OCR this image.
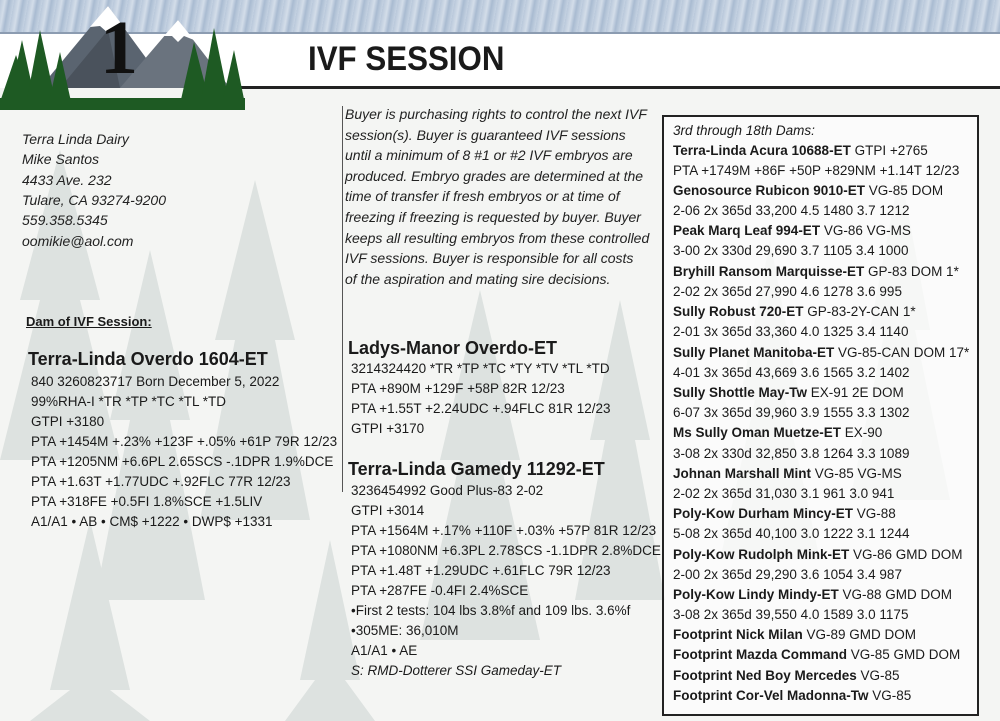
1	IVF SESSION
Terra Linda Dairy
Mike Santos
4433 Ave. 232
Tulare, CA 93274-9200
559.358.5345
oomikie@aol.com
Buyer is purchasing rights to control the next IVF
session(s). Buyer is guaranteed IVF sessions
until a minimum of 8 #1 or #2 IVF embryos are
produced. Embryo grades are determined at the
time of transfer if fresh embryos or at time of
freezing if freezing is requested by buyer. Buyer
keeps all resulting embryos from these controlled
IVF sessions. Buyer is responsible for all costs
of the aspiration and mating sire decisions.
Dam of IVF Session:
Terra-Linda Overdo 1604-ET
840 3260823717 Born December 5, 2022
99%RHA-I *TR *TP *TC *TL *TD
GTPI +3180
PTA +1454M +.23% +123F +.05% +61P 79R 12/23
PTA +1205NM +6.6PL 2.65SCS -.1DPR 1.9%DCE
PTA +1.63T +1.77UDC +.92FLC 77R 12/23
PTA +318FE +0.5FI 1.8%SCE +1.5LIV
A1/A1 • AB • CM$ +1222 • DWP$ +1331
Ladys-Manor Overdo-ET
3214324420 *TR *TP *TC *TY *TV *TL *TD
PTA +890M +129F +58P 82R 12/23
PTA +1.55T +2.24UDC +.94FLC 81R 12/23
GTPI +3170
Terra-Linda Gamedy 11292-ET
3236454992 Good Plus-83 2-02
GTPI +3014
PTA +1564M +.17% +110F +.03% +57P 81R 12/23
PTA +1080NM +6.3PL 2.78SCS -1.1DPR 2.8%DCE
PTA +1.48T +1.29UDC +.61FLC 79R 12/23
PTA +287FE -0.4FI 2.4%SCE
•First 2 tests: 104 lbs 3.8%f and 109 lbs. 3.6%f
•305ME: 36,010M
A1/A1 • AE
S: RMD-Dotterer SSI Gameday-ET
3rd through 18th Dams:
Terra-Linda Acura 10688-ET GTPI +2765
PTA +1749M +86F +50P +829NM +1.14T 12/23
Genosource Rubicon 9010-ET VG-85 DOM
2-06 2x 365d 33,200 4.5 1480 3.7 1212
Peak Marq Leaf 994-ET VG-86 VG-MS
3-00 2x 330d 29,690 3.7 1105 3.4 1000
Bryhill Ransom Marquisse-ET GP-83 DOM 1*
2-02 2x 365d 27,990 4.6 1278 3.6 995
Sully Robust 720-ET GP-83-2Y-CAN 1*
2-01 3x 365d 33,360 4.0 1325 3.4 1140
Sully Planet Manitoba-ET VG-85-CAN DOM 17*
4-01 3x 365d 43,669 3.6 1565 3.2 1402
Sully Shottle May-Tw EX-91 2E DOM
6-07 3x 365d 39,960 3.9 1555 3.3 1302
Ms Sully Oman Muetze-ET EX-90
3-08 2x 330d 32,850 3.8 1264 3.3 1089
Johnan Marshall Mint VG-85 VG-MS
2-02 2x 365d 31,030 3.1 961 3.0 941
Poly-Kow Durham Mincy-ET VG-88
5-08 2x 365d 40,100 3.0 1222 3.1 1244
Poly-Kow Rudolph Mink-ET VG-86 GMD DOM
2-00 2x 365d 29,290 3.6 1054 3.4 987
Poly-Kow Lindy Mindy-ET VG-88 GMD DOM
3-08 2x 365d 39,550 4.0 1589 3.0 1175
Footprint Nick Milan VG-89 GMD DOM
Footprint Mazda Command VG-85 GMD DOM
Footprint Ned Boy Mercedes VG-85
Footprint Cor-Vel Madonna-Tw VG-85
